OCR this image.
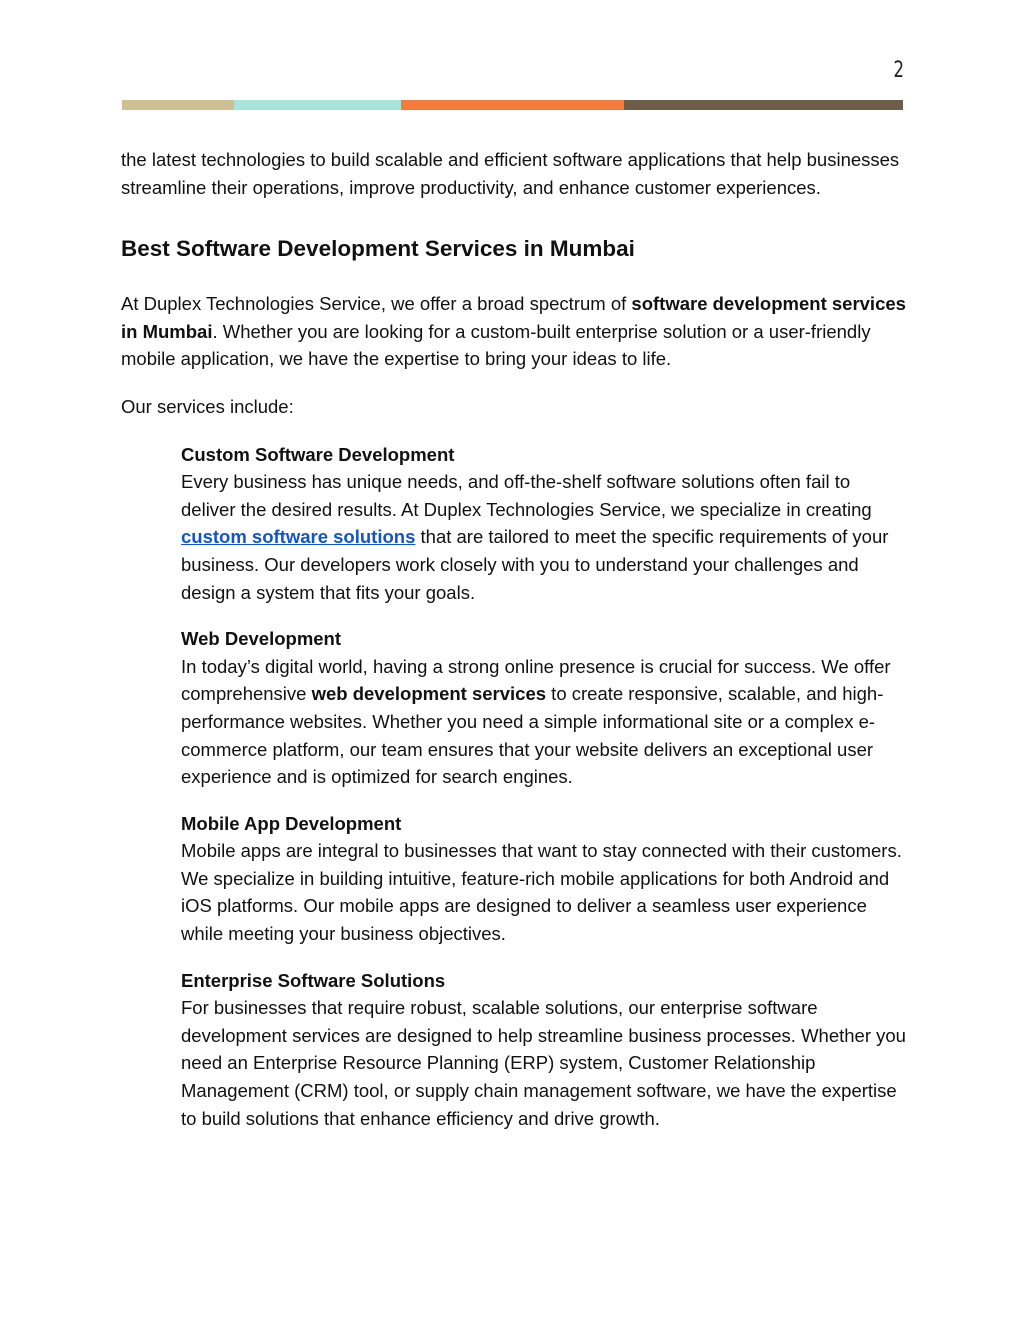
2

the latest technologies to build scalable and efficient software applications that help businesses streamline their operations, improve productivity, and enhance customer experiences.

Best Software Development Services in Mumbai

At Duplex Technologies Service, we offer a broad spectrum of software development services in Mumbai. Whether you are looking for a custom-built enterprise solution or a user-friendly mobile application, we have the expertise to bring your ideas to life.

Our services include:

Custom Software Development
Every business has unique needs, and off-the-shelf software solutions often fail to deliver the desired results. At Duplex Technologies Service, we specialize in creating custom software solutions that are tailored to meet the specific requirements of your business. Our developers work closely with you to understand your challenges and design a system that fits your goals.

Web Development
In today’s digital world, having a strong online presence is crucial for success. We offer comprehensive web development services to create responsive, scalable, and high-performance websites. Whether you need a simple informational site or a complex e-commerce platform, our team ensures that your website delivers an exceptional user experience and is optimized for search engines.

Mobile App Development
Mobile apps are integral to businesses that want to stay connected with their customers. We specialize in building intuitive, feature-rich mobile applications for both Android and iOS platforms. Our mobile apps are designed to deliver a seamless user experience while meeting your business objectives.

Enterprise Software Solutions
For businesses that require robust, scalable solutions, our enterprise software development services are designed to help streamline business processes. Whether you need an Enterprise Resource Planning (ERP) system, Customer Relationship Management (CRM) tool, or supply chain management software, we have the expertise to build solutions that enhance efficiency and drive growth.
